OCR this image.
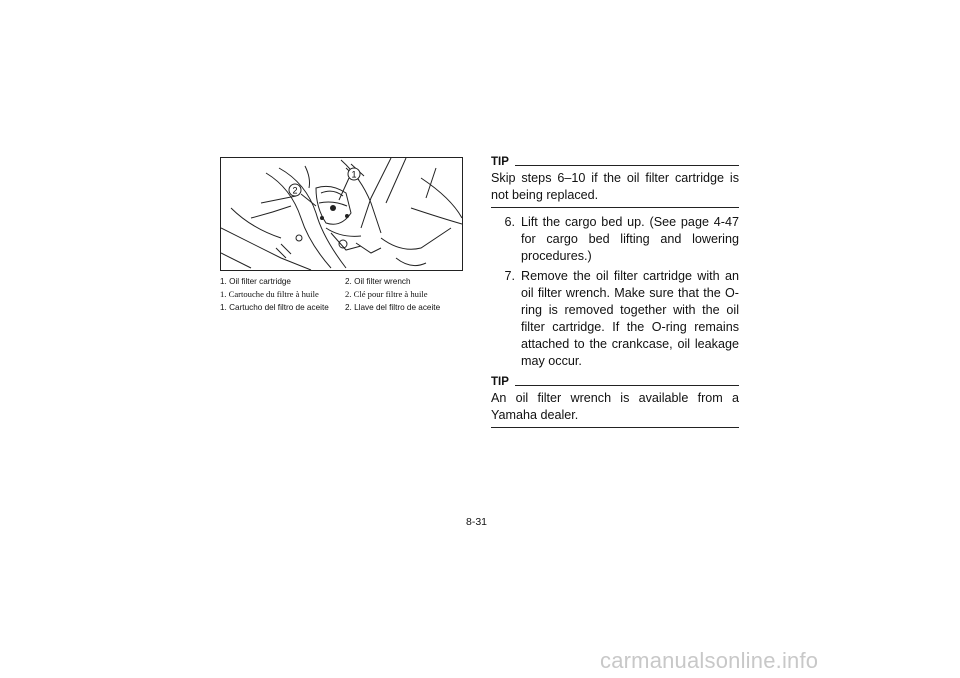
1
2
1. Oil filter cartridge	2. Oil filter wrench
1. Cartouche du filtre à huile	2. Clé pour filtre à huile
1. Cartucho del filtro de aceite	2. Llave del filtro de aceite
TIP
Skip steps 6–10 if the oil filter cartridge is not being replaced.
6. Lift the cargo bed up. (See page 4-47 for cargo bed lifting and lowering procedures.)
7. Remove the oil filter cartridge with an oil filter wrench. Make sure that the O-ring is removed together with the oil filter cartridge. If the O-ring remains attached to the crankcase, oil leakage may occur.
TIP
An oil filter wrench is available from a Yamaha dealer.
8-31
carmanualsonline.info
